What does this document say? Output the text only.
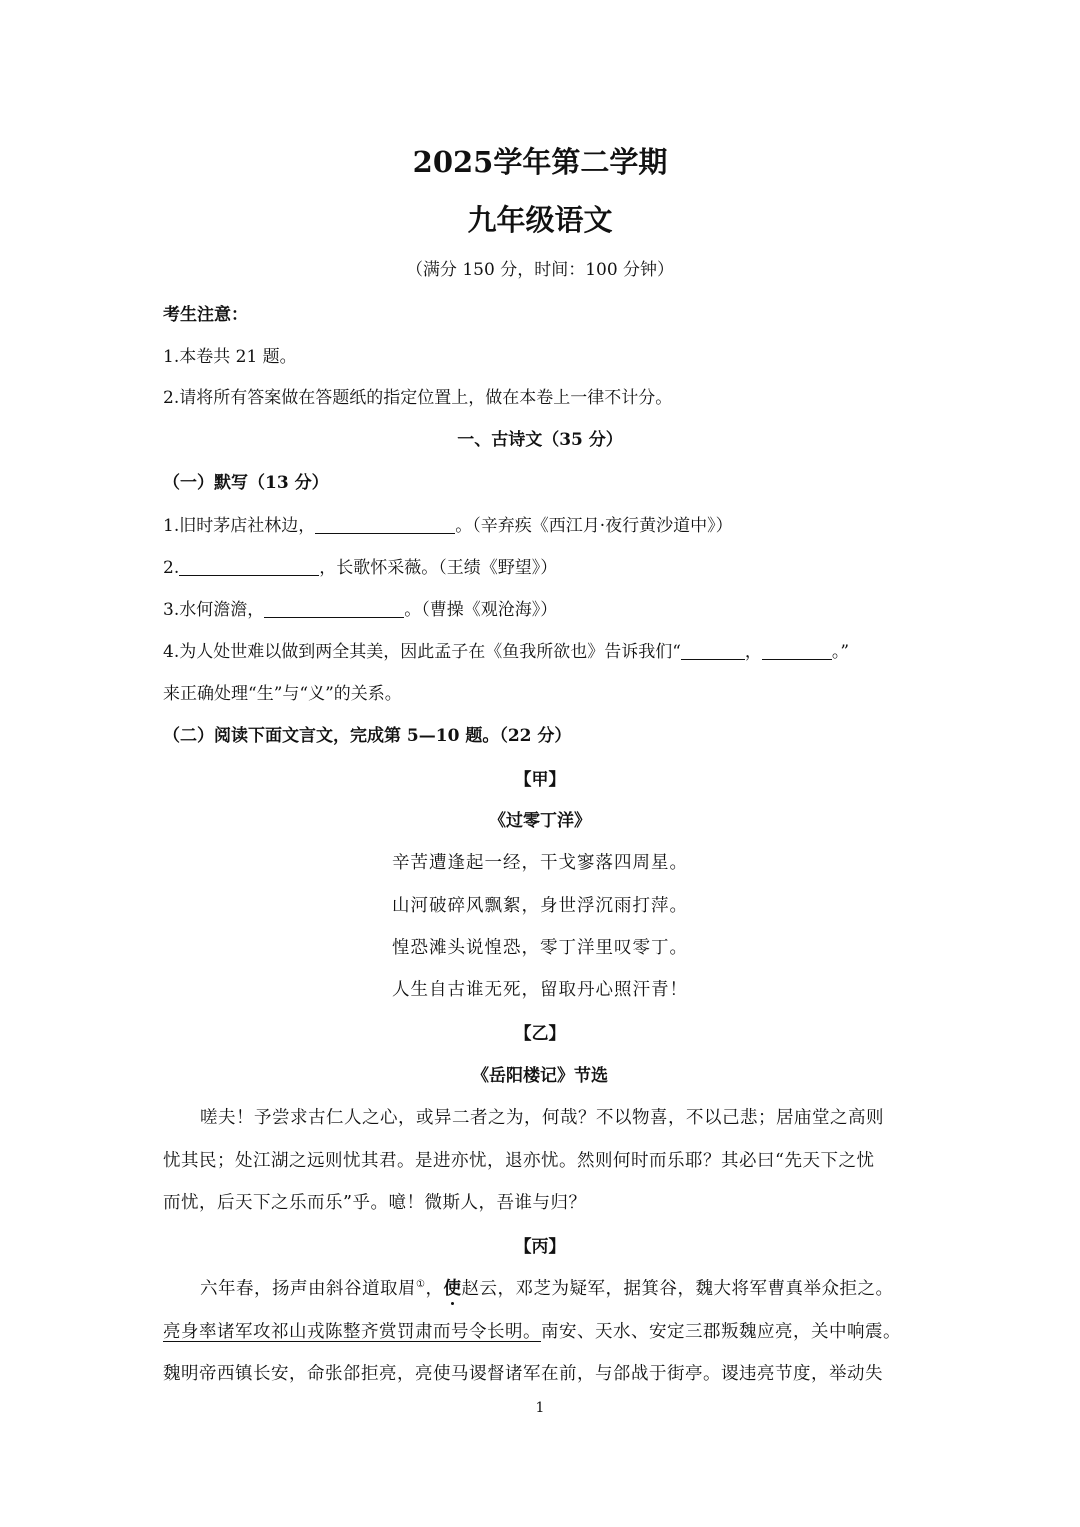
2025学年第二学期
九年级语文
（满分 150 分，时间：100 分钟）
考生注意：
1.本卷共 21 题。
2.请将所有答案做在答题纸的指定位置上，做在本卷上一律不计分。
一、古诗文（35 分）
（一）默写（13 分）
1.旧时茅店社林边，	。（辛弃疾《西江月·夜行黄沙道中》）
2.	，长歌怀采薇。（王绩《野望》）
3.水何澹澹，	。（曹操《观沧海》）
4.为人处世难以做到两全其美，因此孟子在《鱼我所欲也》告诉我们“	，	。”
来正确处理“生”与“义”的关系。
（二）阅读下面文言文，完成第 5—10 题。（22 分）
【甲】
《过零丁洋》
辛苦遭逢起一经，干戈寥落四周星。
山河破碎风飘絮，身世浮沉雨打萍。
惶恐滩头说惶恐，零丁洋里叹零丁。
人生自古谁无死，留取丹心照汗青！
【乙】
《岳阳楼记》节选
嗟夫！予尝求古仁人之心，或异二者之为，何哉？不以物喜，不以己悲；居庙堂之高则
忧其民；处江湖之远则忧其君。是进亦忧，退亦忧。然则何时而乐耶？其必曰“先天下之忧
而忧，后天下之乐而乐”乎。噫！微斯人，吾谁与归？
【丙】
六年春，扬声由斜谷道取眉①，使赵云，邓芝为疑军，据箕谷，魏大将军曹真举众拒之。
亮身率诸军攻祁山戎陈整齐赏罚肃而号令长明。南安、天水、安定三郡叛魏应亮，关中响震。
魏明帝西镇长安，命张郃拒亮，亮使马谡督诸军在前，与郃战于街亭。谡违亮节度，举动失
1
